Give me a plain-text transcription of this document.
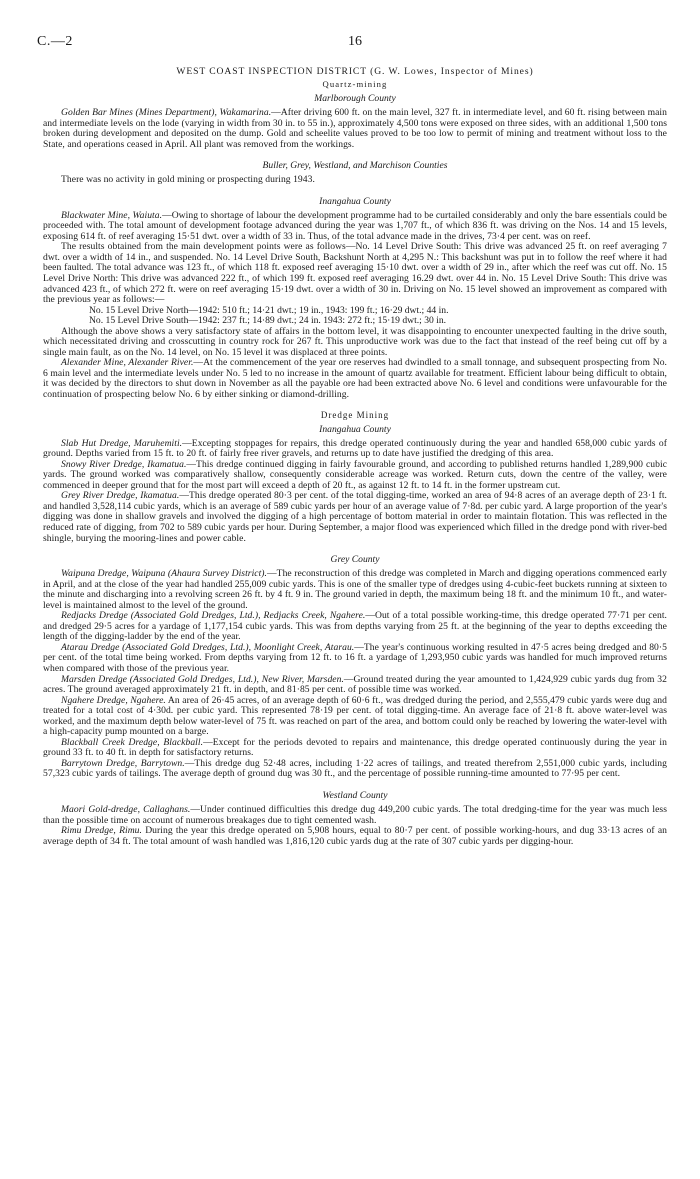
C.—2	16

WEST COAST INSPECTION DISTRICT (G. W. Lowes, Inspector of Mines)

Quartz-mining

Marlborough County

Golden Bar Mines (Mines Department), Wakamarina.—After driving 600 ft. on the main level, 327 ft. in intermediate level, and 60 ft. rising between main and intermediate levels on the lode (varying in width from 30 in. to 55 in.), approximately 4,500 tons were exposed on three sides, with an additional 1,500 tons broken during development and deposited on the dump. Gold and scheelite values proved to be too low to permit of mining and treatment without loss to the State, and operations ceased in April. All plant was removed from the workings.

Buller, Grey, Westland, and Marchison Counties

There was no activity in gold mining or prospecting during 1943.

Inangahua County

Blackwater Mine, Waiuta.—Owing to shortage of labour the development programme had to be curtailed considerably and only the bare essentials could be proceeded with. The total amount of development footage advanced during the year was 1,707 ft., of which 836 ft. was driving on the Nos. 14 and 15 levels, exposing 614 ft. of reef averaging 15·51 dwt. over a width of 33 in. Thus, of the total advance made in the drives, 73·4 per cent. was on reef.

The results obtained from the main development points were as follows—No. 14 Level Drive South: This drive was advanced 25 ft. on reef averaging 7 dwt. over a width of 14 in., and suspended. No. 14 Level Drive South, Backshunt North at 4,295 N.: This backshunt was put in to follow the reef where it had been faulted. The total advance was 123 ft., of which 118 ft. exposed reef averaging 15·10 dwt. over a width of 29 in., after which the reef was cut off. No. 15 Level Drive North: This drive was advanced 222 ft., of which 199 ft. exposed reef averaging 16.29 dwt. over 44 in. No. 15 Level Drive South: This drive was advanced 423 ft., of which 272 ft. were on reef averaging 15·19 dwt. over a width of 30 in. Driving on No. 15 level showed an improvement as compared with the previous year as follows:—

No. 15 Level Drive North—1942: 510 ft.; 14·21 dwt.; 19 in., 1943: 199 ft.; 16·29 dwt.; 44 in.

No. 15 Level Drive South—1942: 237 ft.; 14·89 dwt.; 24 in. 1943: 272 ft.; 15·19 dwt.; 30 in.

Although the above shows a very satisfactory state of affairs in the bottom level, it was disappointing to encounter unexpected faulting in the drive south, which necessitated driving and crosscutting in country rock for 267 ft. This unproductive work was due to the fact that instead of the reef being cut off by a single main fault, as on the No. 14 level, on No. 15 level it was displaced at three points.

Alexander Mine, Alexander River.—At the commencement of the year ore reserves had dwindled to a small tonnage, and subsequent prospecting from No. 6 main level and the intermediate levels under No. 5 led to no increase in the amount of quartz available for treatment. Efficient labour being difficult to obtain, it was decided by the directors to shut down in November as all the payable ore had been extracted above No. 6 level and conditions were unfavourable for the continuation of prospecting below No. 6 by either sinking or diamond-drilling.

Dredge Mining

Inangahua County

Slab Hut Dredge, Maruhemiti.—Excepting stoppages for repairs, this dredge operated continuously during the year and handled 658,000 cubic yards of ground. Depths varied from 15 ft. to 20 ft. of fairly free river gravels, and returns up to date have justified the dredging of this area.

Snowy River Dredge, Ikamatua.—This dredge continued digging in fairly favourable ground, and according to published returns handled 1,289,900 cubic yards. The ground worked was comparatively shallow, consequently considerable acreage was worked. Return cuts, down the centre of the valley, were commenced in deeper ground that for the most part will exceed a depth of 20 ft., as against 12 ft. to 14 ft. in the former upstream cut.

Grey River Dredge, Ikamatua.—This dredge operated 80·3 per cent. of the total digging-time, worked an area of 94·8 acres of an average depth of 23·1 ft. and handled 3,528,114 cubic yards, which is an average of 589 cubic yards per hour of an average value of 7·8d. per cubic yard. A large proportion of the year's digging was done in shallow gravels and involved the digging of a high percentage of bottom material in order to maintain flotation. This was reflected in the reduced rate of digging, from 702 to 589 cubic yards per hour. During September, a major flood was experienced which filled in the dredge pond with river-bed shingle, burying the mooring-lines and power cable.

Grey County

Waipuna Dredge, Waipuna (Ahaura Survey District).—The reconstruction of this dredge was completed in March and digging operations commenced early in April, and at the close of the year had handled 255,009 cubic yards. This is one of the smaller type of dredges using 4-cubic-feet buckets running at sixteen to the minute and discharging into a revolving screen 26 ft. by 4 ft. 9 in. The ground varied in depth, the maximum being 18 ft. and the minimum 10 ft., and water-level is maintained almost to the level of the ground.

Redjacks Dredge (Associated Gold Dredges, Ltd.), Redjacks Creek, Ngahere.—Out of a total possible working-time, this dredge operated 77·71 per cent. and dredged 29·5 acres for a yardage of 1,177,154 cubic yards. This was from depths varying from 25 ft. at the beginning of the year to depths exceeding the length of the digging-ladder by the end of the year.

Atarau Dredge (Associated Gold Dredges, Ltd.), Moonlight Creek, Atarau.—The year's continuous working resulted in 47·5 acres being dredged and 80·5 per cent. of the total time being worked. From depths varying from 12 ft. to 16 ft. a yardage of 1,293,950 cubic yards was handled for much improved returns when compared with those of the previous year.

Marsden Dredge (Associated Gold Dredges, Ltd.), New River, Marsden.—Ground treated during the year amounted to 1,424,929 cubic yards dug from 32 acres. The ground averaged approximately 21 ft. in depth, and 81·85 per cent. of possible time was worked.

Ngahere Dredge, Ngahere. An area of 26·45 acres, of an average depth of 60·6 ft., was dredged during the period, and 2,555,479 cubic yards were dug and treated for a total cost of 4·30d. per cubic yard. This represented 78·19 per cent. of total digging-time. An average face of 21·8 ft. above water-level was worked, and the maximum depth below water-level of 75 ft. was reached on part of the area, and bottom could only be reached by lowering the water-level with a high-capacity pump mounted on a barge.

Blackball Creek Dredge, Blackball.—Except for the periods devoted to repairs and maintenance, this dredge operated continuously during the year in ground 33 ft. to 40 ft. in depth for satisfactory returns.

Barrytown Dredge, Barrytown.—This dredge dug 52·48 acres, including 1·22 acres of tailings, and treated therefrom 2,551,000 cubic yards, including 57,323 cubic yards of tailings. The average depth of ground dug was 30 ft., and the percentage of possible running-time amounted to 77·95 per cent.

Westland County

Maori Gold-dredge, Callaghans.—Under continued difficulties this dredge dug 449,200 cubic yards. The total dredging-time for the year was much less than the possible time on account of numerous breakages due to tight cemented wash.

Rimu Dredge, Rimu. During the year this dredge operated on 5,908 hours, equal to 80·7 per cent. of possible working-hours, and dug 33·13 acres of an average depth of 34 ft. The total amount of wash handled was 1,816,120 cubic yards dug at the rate of 307 cubic yards per digging-hour.
